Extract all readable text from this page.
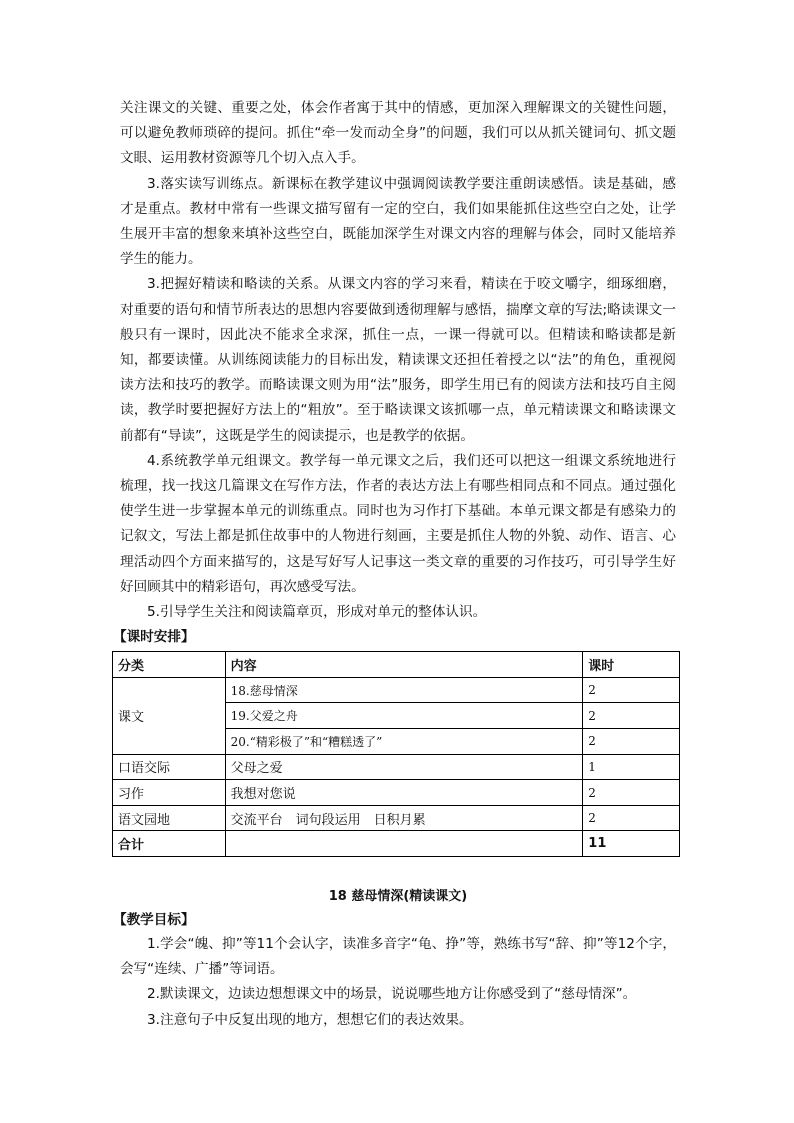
关注课文的关键、重要之处，体会作者寓于其中的情感，更加深入理解课文的关键性问题，可以避免教师琐碎的提问。抓住“牵一发而动全身”的问题，我们可以从抓关键词句、抓文题文眼、运用教材资源等几个切入点入手。

3.落实读写训练点。新课标在教学建议中强调阅读教学要注重朗读感悟。读是基础，感才是重点。教材中常有一些课文描写留有一定的空白，我们如果能抓住这些空白之处，让学生展开丰富的想象来填补这些空白，既能加深学生对课文内容的理解与体会，同时又能培养学生的能力。

3.把握好精读和略读的关系。从课文内容的学习来看，精读在于咬文嚼字，细琢细磨，对重要的语句和情节所表达的思想内容要做到透彻理解与感悟，揣摩文章的写法;略读课文一般只有一课时，因此决不能求全求深，抓住一点，一课一得就可以。但精读和略读都是新知，都要读懂。从训练阅读能力的目标出发，精读课文还担任着授之以“法”的角色，重视阅读方法和技巧的教学。而略读课文则为用“法”服务，即学生用已有的阅读方法和技巧自主阅读，教学时要把握好方法上的“粗放”。至于略读课文该抓哪一点，单元精读课文和略读课文前都有“导读”，这既是学生的阅读提示，也是教学的依据。

4.系统教学单元组课文。教学每一单元课文之后，我们还可以把这一组课文系统地进行梳理，找一找这几篇课文在写作方法，作者的表达方法上有哪些相同点和不同点。通过强化使学生进一步掌握本单元的训练重点。同时也为习作打下基础。本单元课文都是有感染力的记叙文，写法上都是抓住故事中的人物进行刻画，主要是抓住人物的外貌、动作、语言、心理活动四个方面来描写的，这是写好写人记事这一类文章的重要的习作技巧，可引导学生好好回顾其中的精彩语句，再次感受写法。

5.引导学生关注和阅读篇章页，形成对单元的整体认识。

【课时安排】

分类	内容	课时
课文	18.慈母情深	2
	19.父爱之舟	2
	20.“精彩极了”和“糟糕透了”	2
口语交际	父母之爱	1
习作	我想对您说	2
语文园地	交流平台　词句段运用　日积月累	2
合计		11
18 慈母情深(精读课文)

【教学目标】

1.学会“魄、抑”等11个会认字，读准多音字“龟、挣”等，熟练书写“辞、抑”等12个字，会写“连续、广播”等词语。

2.默读课文，边读边想想课文中的场景，说说哪些地方让你感受到了“慈母情深”。

3.注意句子中反复出现的地方，想想它们的表达效果。
